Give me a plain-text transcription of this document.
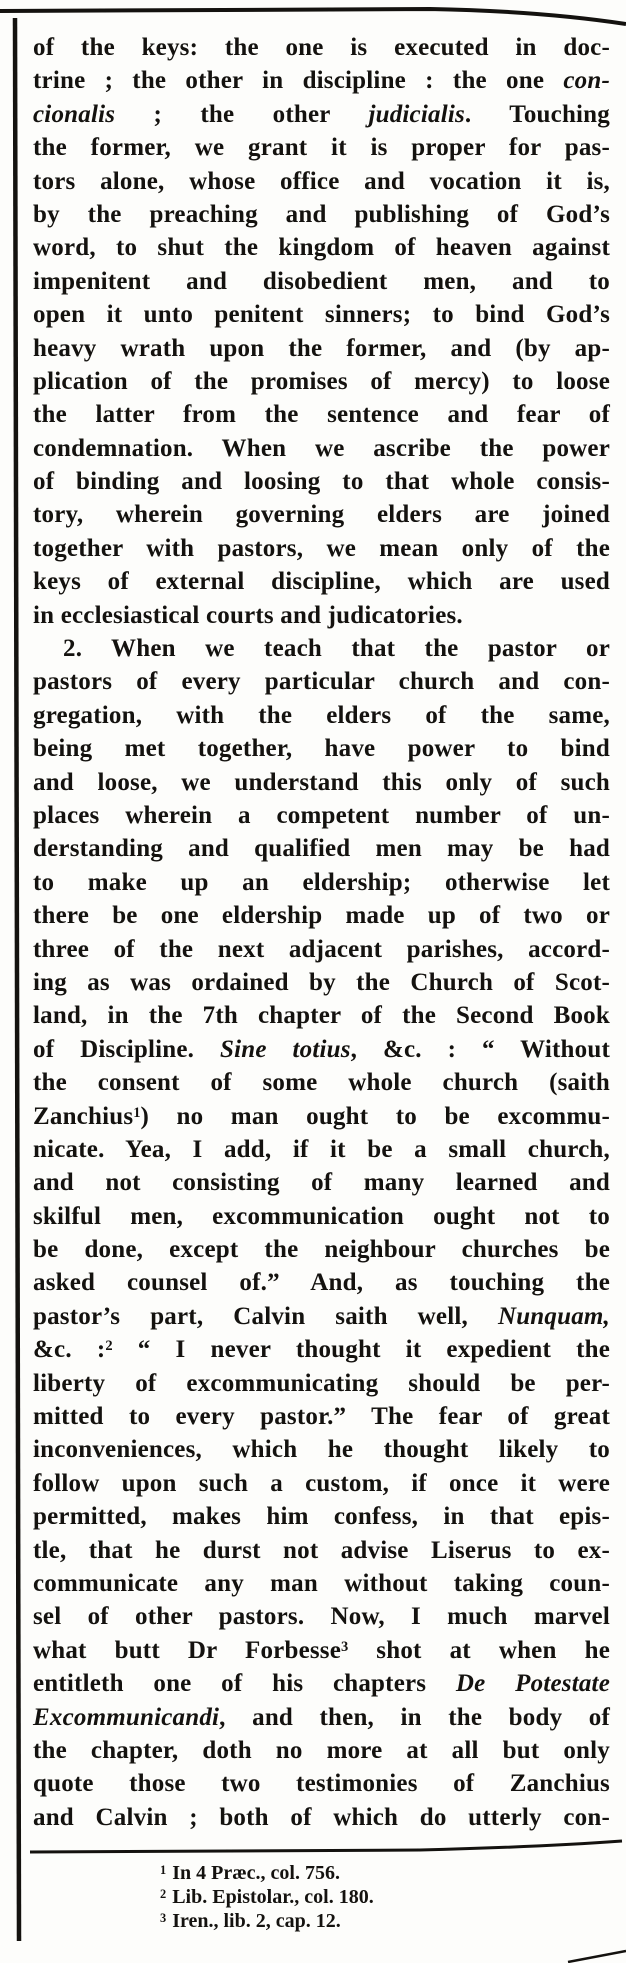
of the keys: the one is executed in doc-
trine ; the other in discipline : the one con-
cionalis ; the other judicialis. Touching
the former, we grant it is proper for pas-
tors alone, whose office and vocation it is,
by the preaching and publishing of God’s
word, to shut the kingdom of heaven against
impenitent and disobedient men, and to
open it unto penitent sinners; to bind God’s
heavy wrath upon the former, and (by ap-
plication of the promises of mercy) to loose
the latter from the sentence and fear of
condemnation. When we ascribe the power
of binding and loosing to that whole consis-
tory, wherein governing elders are joined
together with pastors, we mean only of the
keys of external discipline, which are used
in ecclesiastical courts and judicatories.
2. When we teach that the pastor or
pastors of every particular church and con-
gregation, with the elders of the same,
being met together, have power to bind
and loose, we understand this only of such
places wherein a competent number of un-
derstanding and qualified men may be had
to make up an eldership; otherwise let
there be one eldership made up of two or
three of the next adjacent parishes, accord-
ing as was ordained by the Church of Scot-
land, in the 7th chapter of the Second Book
of Discipline. Sine totius, &c. : “ Without
the consent of some whole church (saith
Zanchius$^1$) no man ought to be excommu-
nicate. Yea, I add, if it be a small church,
and not consisting of many learned and
skilful men, excommunication ought not to
be done, except the neighbour churches be
asked counsel of.” And, as touching the
pastor’s part, Calvin saith well, Nunquam,
&c. :$^2$ “ I never thought it expedient the
liberty of excommunicating should be per-
mitted to every pastor.” The fear of great
inconveniences, which he thought likely to
follow upon such a custom, if once it were
permitted, makes him confess, in that epis-
tle, that he durst not advise Liserus to ex-
communicate any man without taking coun-
sel of other pastors. Now, I much marvel
what butt Dr Forbesse$^3$ shot at when he
entitleth one of his chapters De Potestate
Excommunicandi, and then, in the body of
the chapter, doth no more at all but only
quote those two testimonies of Zanchius
and Calvin ; both of which do utterly con-
$^1$ In 4 Præc., col. 756.
$^2$ Lib. Epistolar., col. 180.
$^3$ Iren., lib. 2, cap. 12.
